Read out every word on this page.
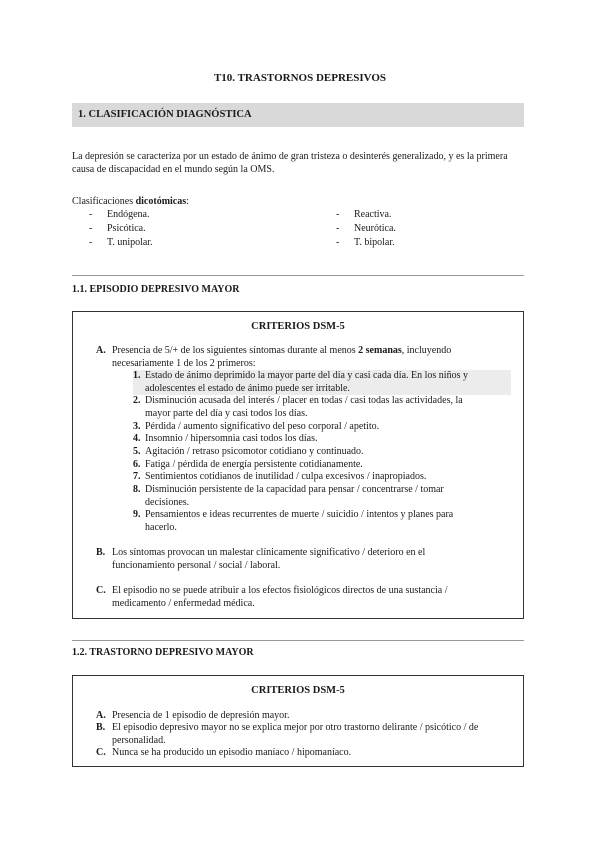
T10. TRASTORNOS DEPRESIVOS
1. CLASIFICACIÓN DIAGNÓSTICA
La depresión se caracteriza por un estado de ánimo de gran tristeza o desinterés generalizado, y es la primera causa de discapacidad en el mundo según la OMS.
Clasificaciones dicotómicas:
- Endógena.
- Psicótica.
- T. unipolar.
- Reactiva.
- Neurótica.
- T. bipolar.
1.1. EPISODIO DEPRESIVO MAYOR
CRITERIOS DSM-5
A. Presencia de 5/+ de los siguientes síntomas durante al menos 2 semanas, incluyendo
necesariamente 1 de los 2 primeros:
1. Estado de ánimo deprimido la mayor parte del día y casi cada día. En los niños y
adolescentes el estado de ánimo puede ser irritable.
2. Disminución acusada del interés / placer en todas / casi todas las actividades, la
mayor parte del día y casi todos los días.
3. Pérdida / aumento significativo del peso corporal / apetito.
4. Insomnio / hipersomnia casi todos los días.
5. Agitación / retraso psicomotor cotidiano y continuado.
6. Fatiga / pérdida de energía persistente cotidianamente.
7. Sentimientos cotidianos de inutilidad / culpa excesivos / inapropiados.
8. Disminución persistente de la capacidad para pensar / concentrarse / tomar
decisiones.
9. Pensamientos e ideas recurrentes de muerte / suicidio / intentos y planes para
hacerlo.
B. Los síntomas provocan un malestar clínicamente significativo / deterioro en el
funcionamiento personal / social / laboral.
C. El episodio no se puede atribuir a los efectos fisiológicos directos de una sustancia /
medicamento / enfermedad médica.
1.2. TRASTORNO DEPRESIVO MAYOR
CRITERIOS DSM-5
A. Presencia de 1 episodio de depresión mayor.
B. El episodio depresivo mayor no se explica mejor por otro trastorno delirante / psicótico / de
personalidad.
C. Nunca se ha producido un episodio maníaco / hipomaníaco.
